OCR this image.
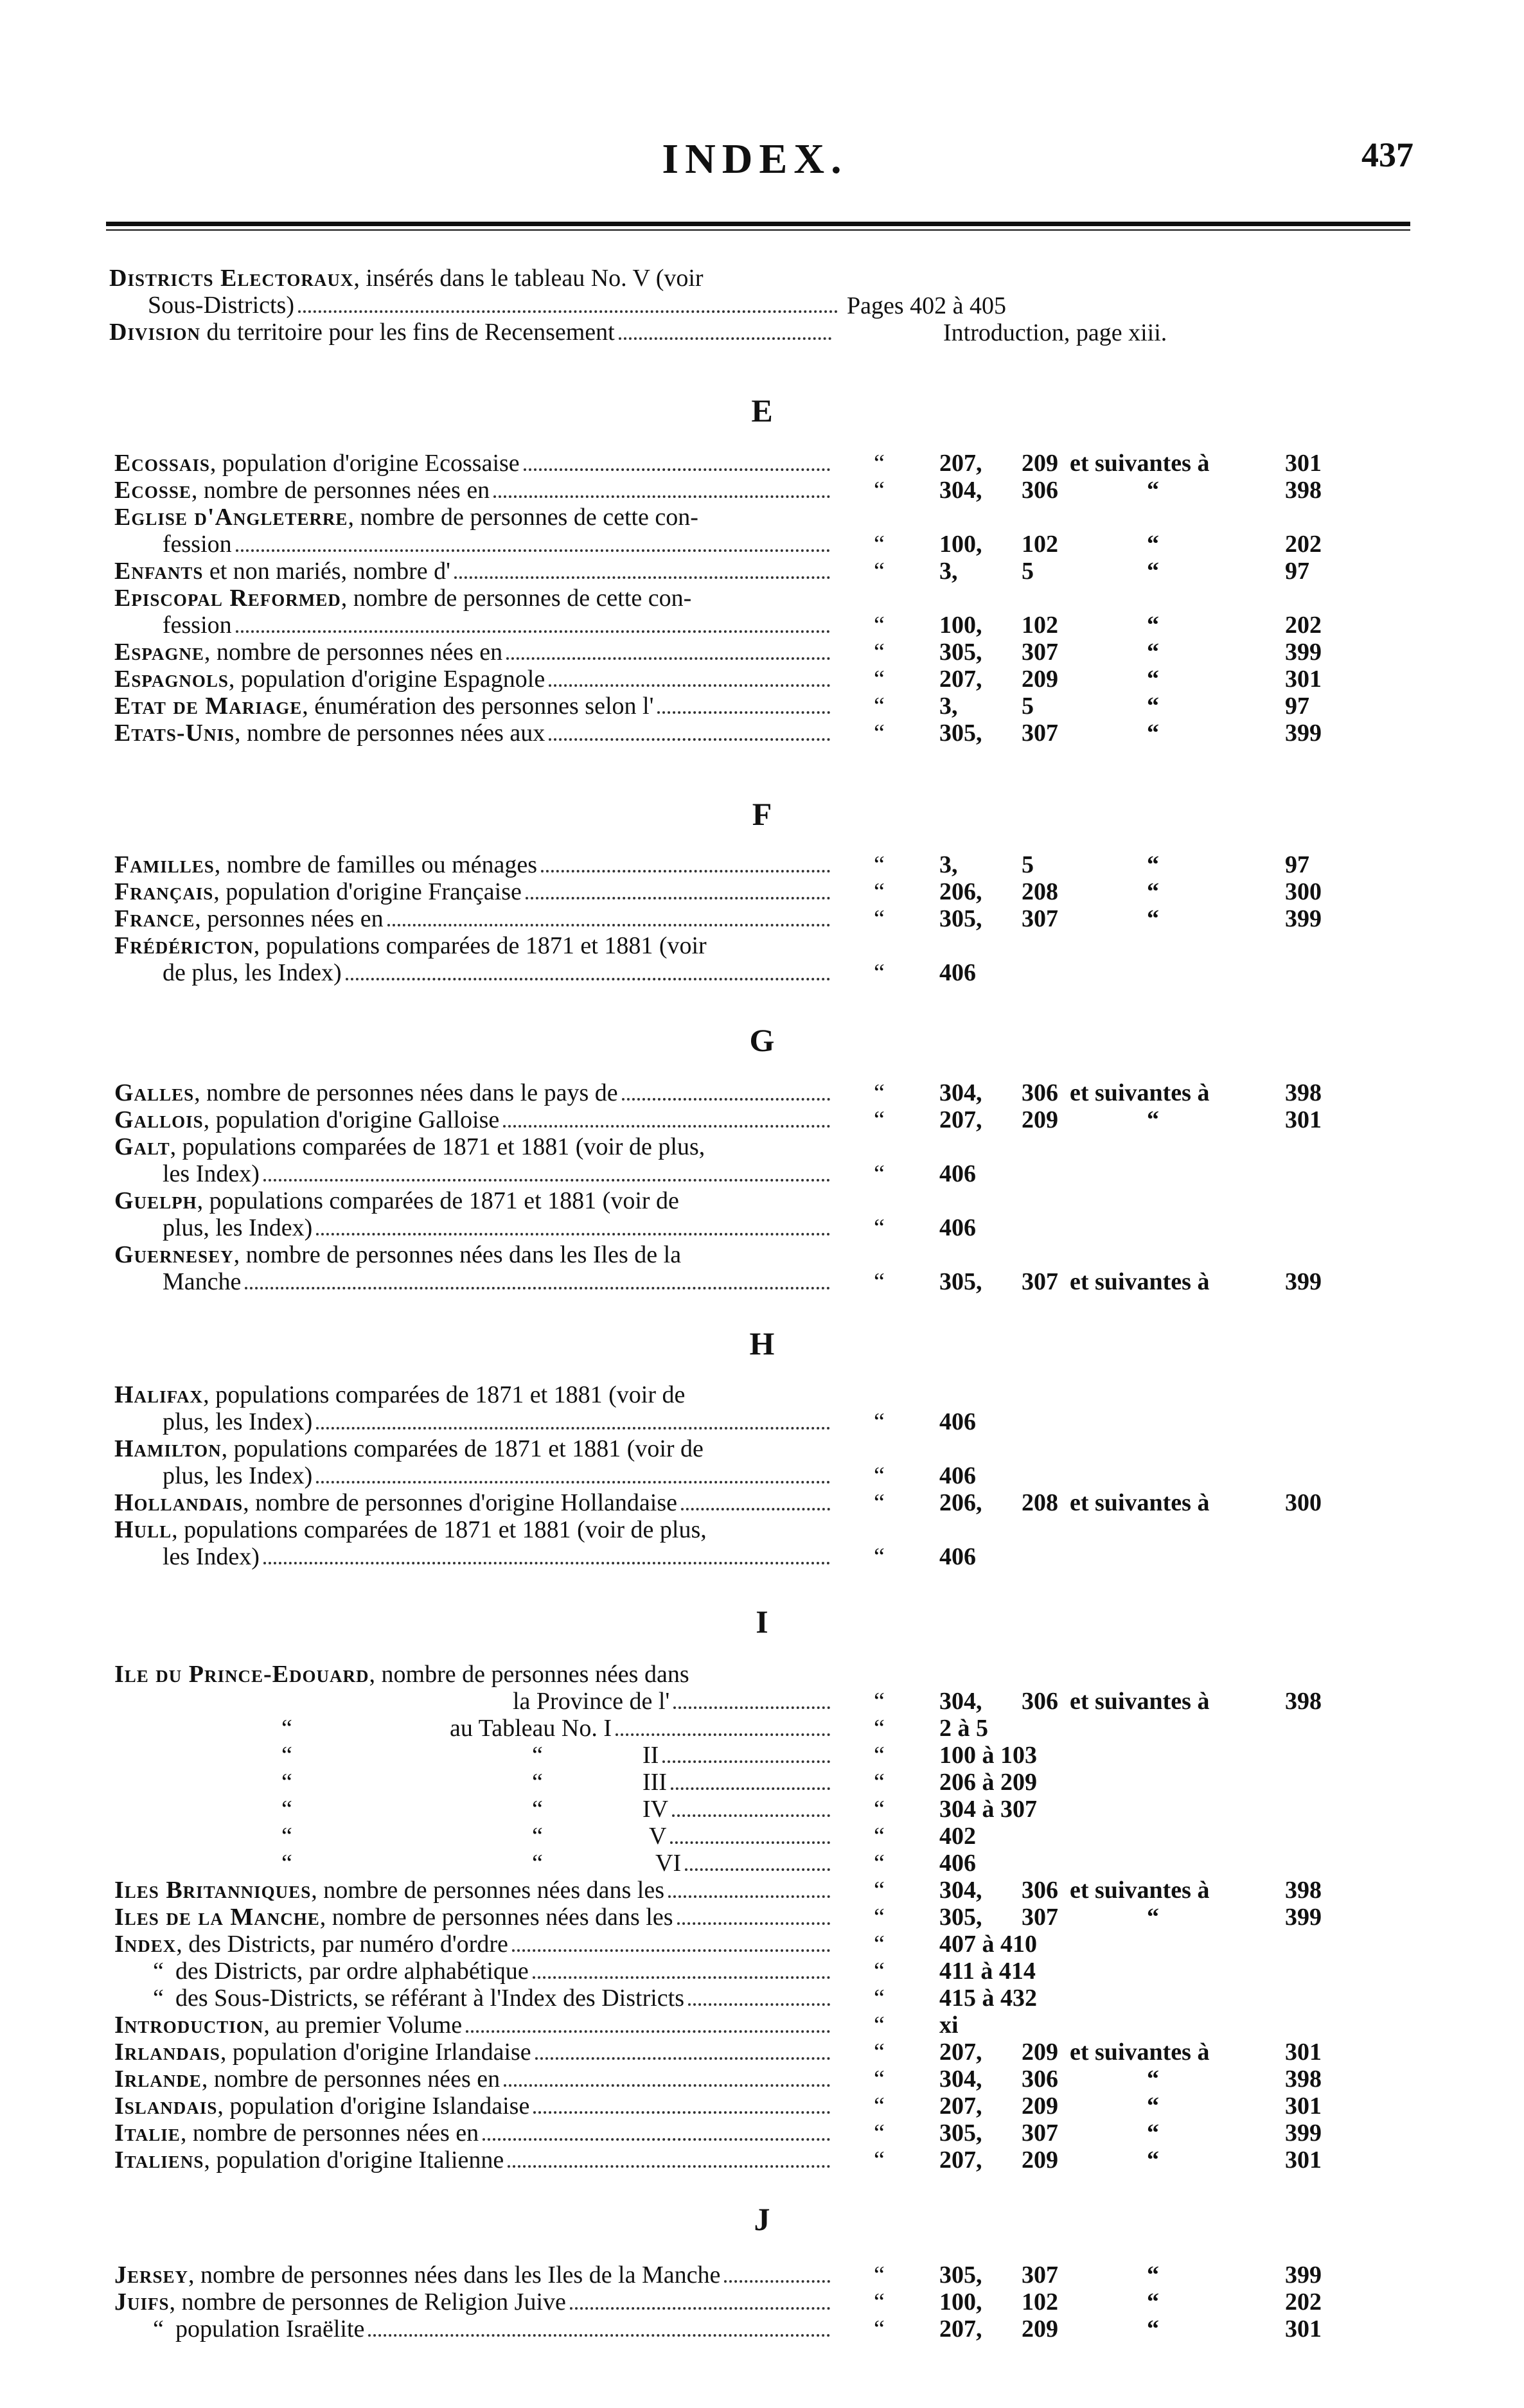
INDEX.	437
Districts Electoraux, insérés dans le tableau No. V (voir
Sous-Districts)	Pages 402 à 405
Division du territoire pour les fins de Recensement	Introduction, page xiii.
E
Ecossais, population d'origine Ecossaise	“ 207, 209 et suivantes à	301
Ecosse, nombre de personnes nées en	“ 304, 306	“	398
Eglise d'Angleterre, nombre de personnes de cette con-
fession	“ 100, 102	“	202
Enfants et non mariés, nombre d'	“ 3,	5	“	97
Episcopal Reformed, nombre de personnes de cette con-
fession	“ 100, 102	“	202
Espagne, nombre de personnes nées en	“ 305, 307	“	399
Espagnols, population d'origine Espagnole	“ 207, 209	“	301
Etat de Mariage, énumération des personnes selon l'	“ 3,	5	“	97
Etats-Unis, nombre de personnes nées aux	“ 305, 307	“	399
F
Familles, nombre de familles ou ménages	“ 3,	5	“	97
Français, population d'origine Française	“ 206, 208	“	300
France, personnes nées en	“ 305, 307	“	399
Frédéricton, populations comparées de 1871 et 1881 (voir
de plus, les Index)	“ 406
G
Galles, nombre de personnes nées dans le pays de	“ 304, 306 et suivantes à	398
Gallois, population d'origine Galloise	“ 207, 209	“	301
Galt, populations comparées de 1871 et 1881 (voir de plus,
les Index)	“ 406
Guelph, populations comparées de 1871 et 1881 (voir de
plus, les Index)	“ 406
Guernesey, nombre de personnes nées dans les Iles de la
Manche	“ 305, 307 et suivantes à	399
H
Halifax, populations comparées de 1871 et 1881 (voir de
plus, les Index)	“ 406
Hamilton, populations comparées de 1871 et 1881 (voir de
plus, les Index)	“ 406
Hollandais, nombre de personnes d'origine Hollandaise	“ 206, 208 et suivantes à	300
Hull, populations comparées de 1871 et 1881 (voir de plus,
les Index)	“ 406
I
Ile du Prince-Edouard, nombre de personnes nées dans
la Province de l'	“ 304, 306 et suivantes à	398
“	au Tableau No. I	“ 2 à 5
“	“	II	“ 100 à 103
“	“	III	“ 206 à 209
“	“	IV	“ 304 à 307
“	“	V	“ 402
“	“	VI	“ 406
Iles Britanniques, nombre de personnes nées dans les	“ 304, 306 et suivantes à	398
Iles de la Manche, nombre de personnes nées dans les	“ 305, 307	“	399
Index, des Districts, par numéro d'ordre	“ 407 à 410
“ des Districts, par ordre alphabétique	“ 411 à 414
“ des Sous-Districts, se référant à l'Index des Districts	“ 415 à 432
Introduction, au premier Volume	“ xi
Irlandais, population d'origine Irlandaise	“ 207, 209 et suivantes à	301
Irlande, nombre de personnes nées en	“ 304, 306	“	398
Islandais, population d'origine Islandaise	“ 207, 209	“	301
Italie, nombre de personnes nées en	“ 305, 307	“	399
Italiens, population d'origine Italienne	“ 207, 209	“	301
J
Jersey, nombre de personnes nées dans les Iles de la Manche	“ 305, 307	“	399
Juifs, nombre de personnes de Religion Juive	“ 100, 102	“	202
“ population Israëlite	“ 207, 209	“	301
